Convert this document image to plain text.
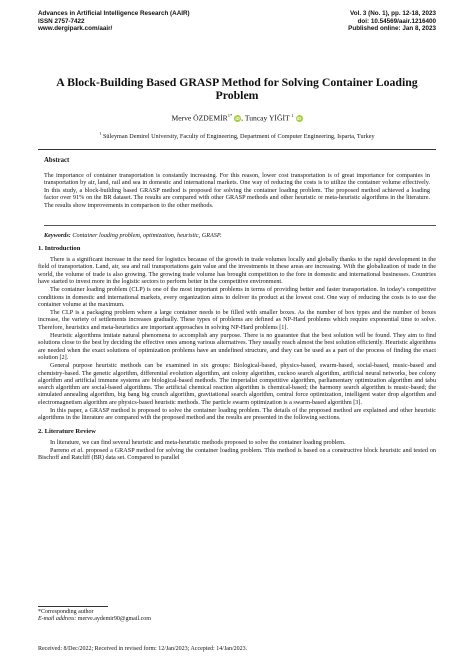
Advances in Artificial Intelligence Research (AAIR)
ISSN 2757-7422
www.dergipark.com/aair/
Vol. 3 (No. 1), pp. 12-18, 2023
doi: 10.54569/aair.1216400
Published online: Jan 8, 2023
A Block-Building Based GRASP Method for Solving Container Loading Problem
Merve $ÖZDEMİR^{1*}$ iD, Tuncay YİĞİT $^1$ iD
$^1$ Süleyman Demirel University, Faculty of Engineering, Department of Computer Engineering, Isparta, Turkey
Abstract
The importance of container transportation is constantly increasing. For this reason, lower cost transportation is of great importance for companies in transportation by air, land, rail and sea in domestic and international markets. One way of reducing the costs is to utilize the container volume effectively. In this study, a block-building based GRASP method is proposed for solving the container loading problem. The proposed method achieved a loading factor over 91% on the BR dataset. The results are compared with other GRASP methods and other heuristic or meta-heuristic algorithms in the literature. The results show improvements in comparison to the other methods.
Keywords: Container loading problem, optimization, heuristic, GRASP.
1. Introduction

There is a significant increase in the need for logistics because of the growth in trade volumes locally and globally thanks to the rapid development in the field of transportation. Land, air, sea and rail transportations gain value and the investments in these areas are increasing. With the globalization of trade in the world, the volume of trade is also growing. The growing trade volume has brought competition to the fore in domestic and international businesses. Countries have started to invest more in the logistic sectors to perform better in the competitive environment.

The container loading problem (CLP) is one of the most important problems in terms of providing better and faster transportation. In today’s competitive conditions in domestic and international markets, every organization aims to deliver its product at the lowest cost. One way of reducing the costs is to use the container volume at the maximum.

The CLP is a packaging problem where a large container needs to be filled with smaller boxes. As the number of box types and the number of boxes increase, the variety of settlements increases gradually. These types of problems are defined as NP-Hard problems which require exponential time to solve. Therefore, heuristics and meta-heuristics are important approaches in solving NP-Hard problems [1].

Heuristic algorithms imitate natural phenomena to accomplish any purpose. There is no guarantee that the best solution will be found. They aim to find solutions close to the best by deciding the effective ones among various alternatives. They usually reach almost the best solution efficiently. Heuristic algorithms are needed when the exact solutions of optimization problems have an undefined structure, and they can be used as a part of the process of finding the exact solution [2].

General purpose heuristic methods can be examined in six groups: Biological-based, physics-based, swarm-based, social-based, music-based and chemistry-based. The genetic algorithm, differential evolution algorithm, ant colony algorithm, cuckoo search algorithm, artificial neural networks, bee colony algorithm and artificial immune systems are biological-based methods. The imperialist competitive algorithm, parliamentary optimization algorithm and tabu search algorithm are social-based algorithms. The artificial chemical reaction algorithm is chemical-based; the harmony search algorithm is music-based; the simulated annealing algorithm, big bang big crunch algorithm, gravitational search algorithm, central force optimization, intelligent water drop algorithm and electromagnetism algorithm are physics-based heuristic methods. The particle swarm optimization is a swarm-based algorithm [3].

In this paper, a GRASP method is proposed to solve the container loading problem. The details of the proposed method are explained and other heuristic algorithms in the literature are compared with the proposed method and the results are presented in the following sections.

2. Literature Review

In literature, we can find several heuristic and meta-heuristic methods proposed to solve the container loading problem.

Parreno et al. proposed a GRASP method for solving the container loading problem. This method is based on a constructive block heuristic and tested on Bischoff and Ratcliff (BR) data set. Compared to parallel

*Corresponding author
E-mail address: merve.aydemir90@gmail.com
Received: 8/Dec/2022; Received in revised form: 12/Jan/2023; Accepted: 14/Jan/2023.
